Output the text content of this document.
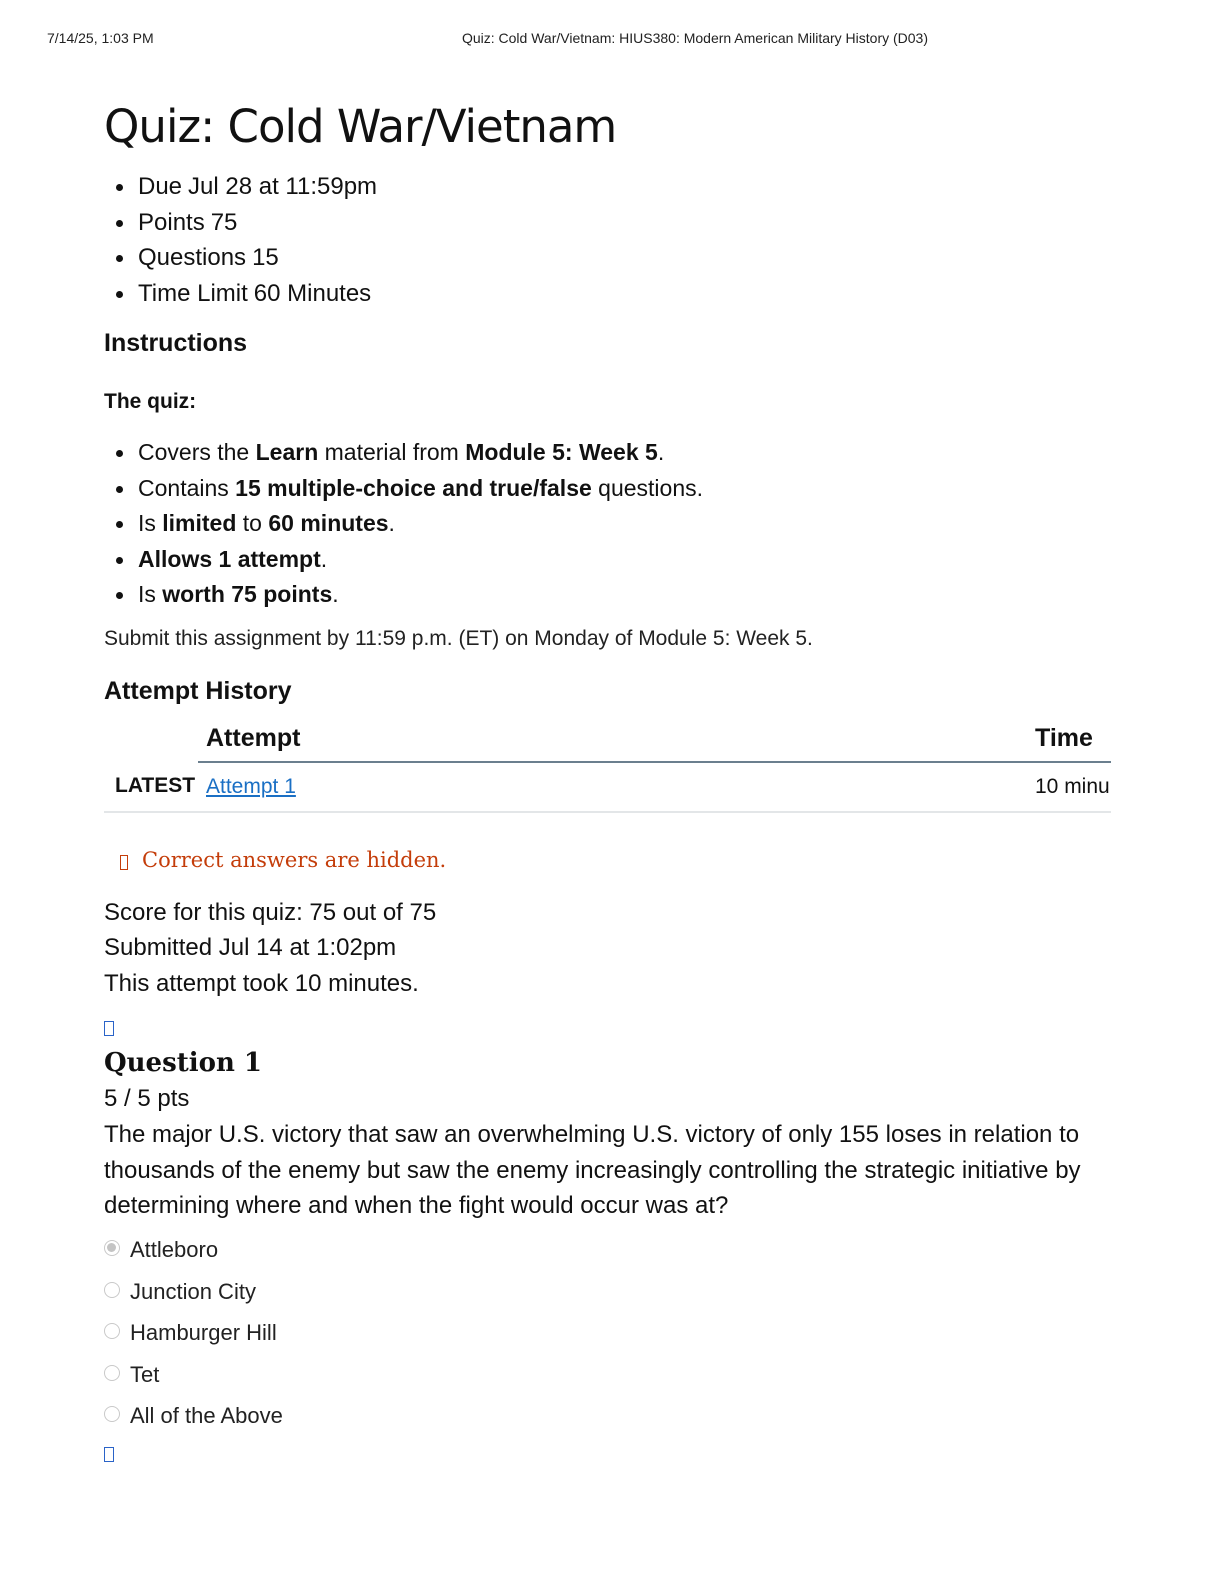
7/14/25, 1:03 PM	Quiz: Cold War/Vietnam: HIUS380: Modern American Military History (D03)
Quiz: Cold War/Vietnam
Due Jul 28 at 11:59pm
Points 75
Questions 15
Time Limit 60 Minutes
Instructions
The quiz:
Covers the Learn material from Module 5: Week 5.
Contains 15 multiple-choice and true/false questions.
Is limited to 60 minutes.
Allows 1 attempt.
Is worth 75 points.
Submit this assignment by 11:59 p.m. (ET) on Monday of Module 5: Week 5.
Attempt History
	Attempt	Time
LATEST	Attempt 1	10 minu
Correct answers are hidden.
Score for this quiz: 75 out of 75
Submitted Jul 14 at 1:02pm
This attempt took 10 minutes.
Question 1
5 / 5 pts
The major U.S. victory that saw an overwhelming U.S. victory of only 155 loses in relation to thousands of the enemy but saw the enemy increasingly controlling the strategic initiative by determining where and when the fight would occur was at?
Attleboro
Junction City
Hamburger Hill
Tet
All of the Above
